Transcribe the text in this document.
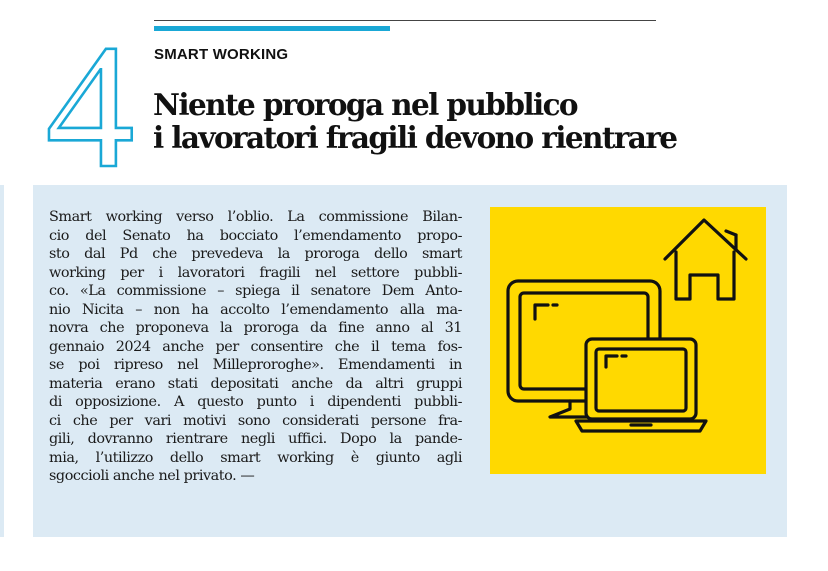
4 SMART WORKING
Niente proroga nel pubblico
i lavoratori fragili devono rientrare
Smart working verso l’oblio. La commissione Bilan-
cio del Senato ha bocciato l’emendamento propo-
sto dal Pd che prevedeva la proroga dello smart
working per i lavoratori fragili nel settore pubbli-
co. «La commissione – spiega il senatore Dem Anto-
nio Nicita – non ha accolto l’emendamento alla ma-
novra che proponeva la proroga da fine anno al 31
gennaio 2024 anche per consentire che il tema fos-
se poi ripreso nel Milleproroghe». Emendamenti in
materia erano stati depositati anche da altri gruppi
di opposizione. A questo punto i dipendenti pubbli-
ci che per vari motivi sono considerati persone fra-
gili, dovranno rientrare negli uffici. Dopo la pande-
mia, l’utilizzo dello smart working è giunto agli
sgoccioli anche nel privato. —
